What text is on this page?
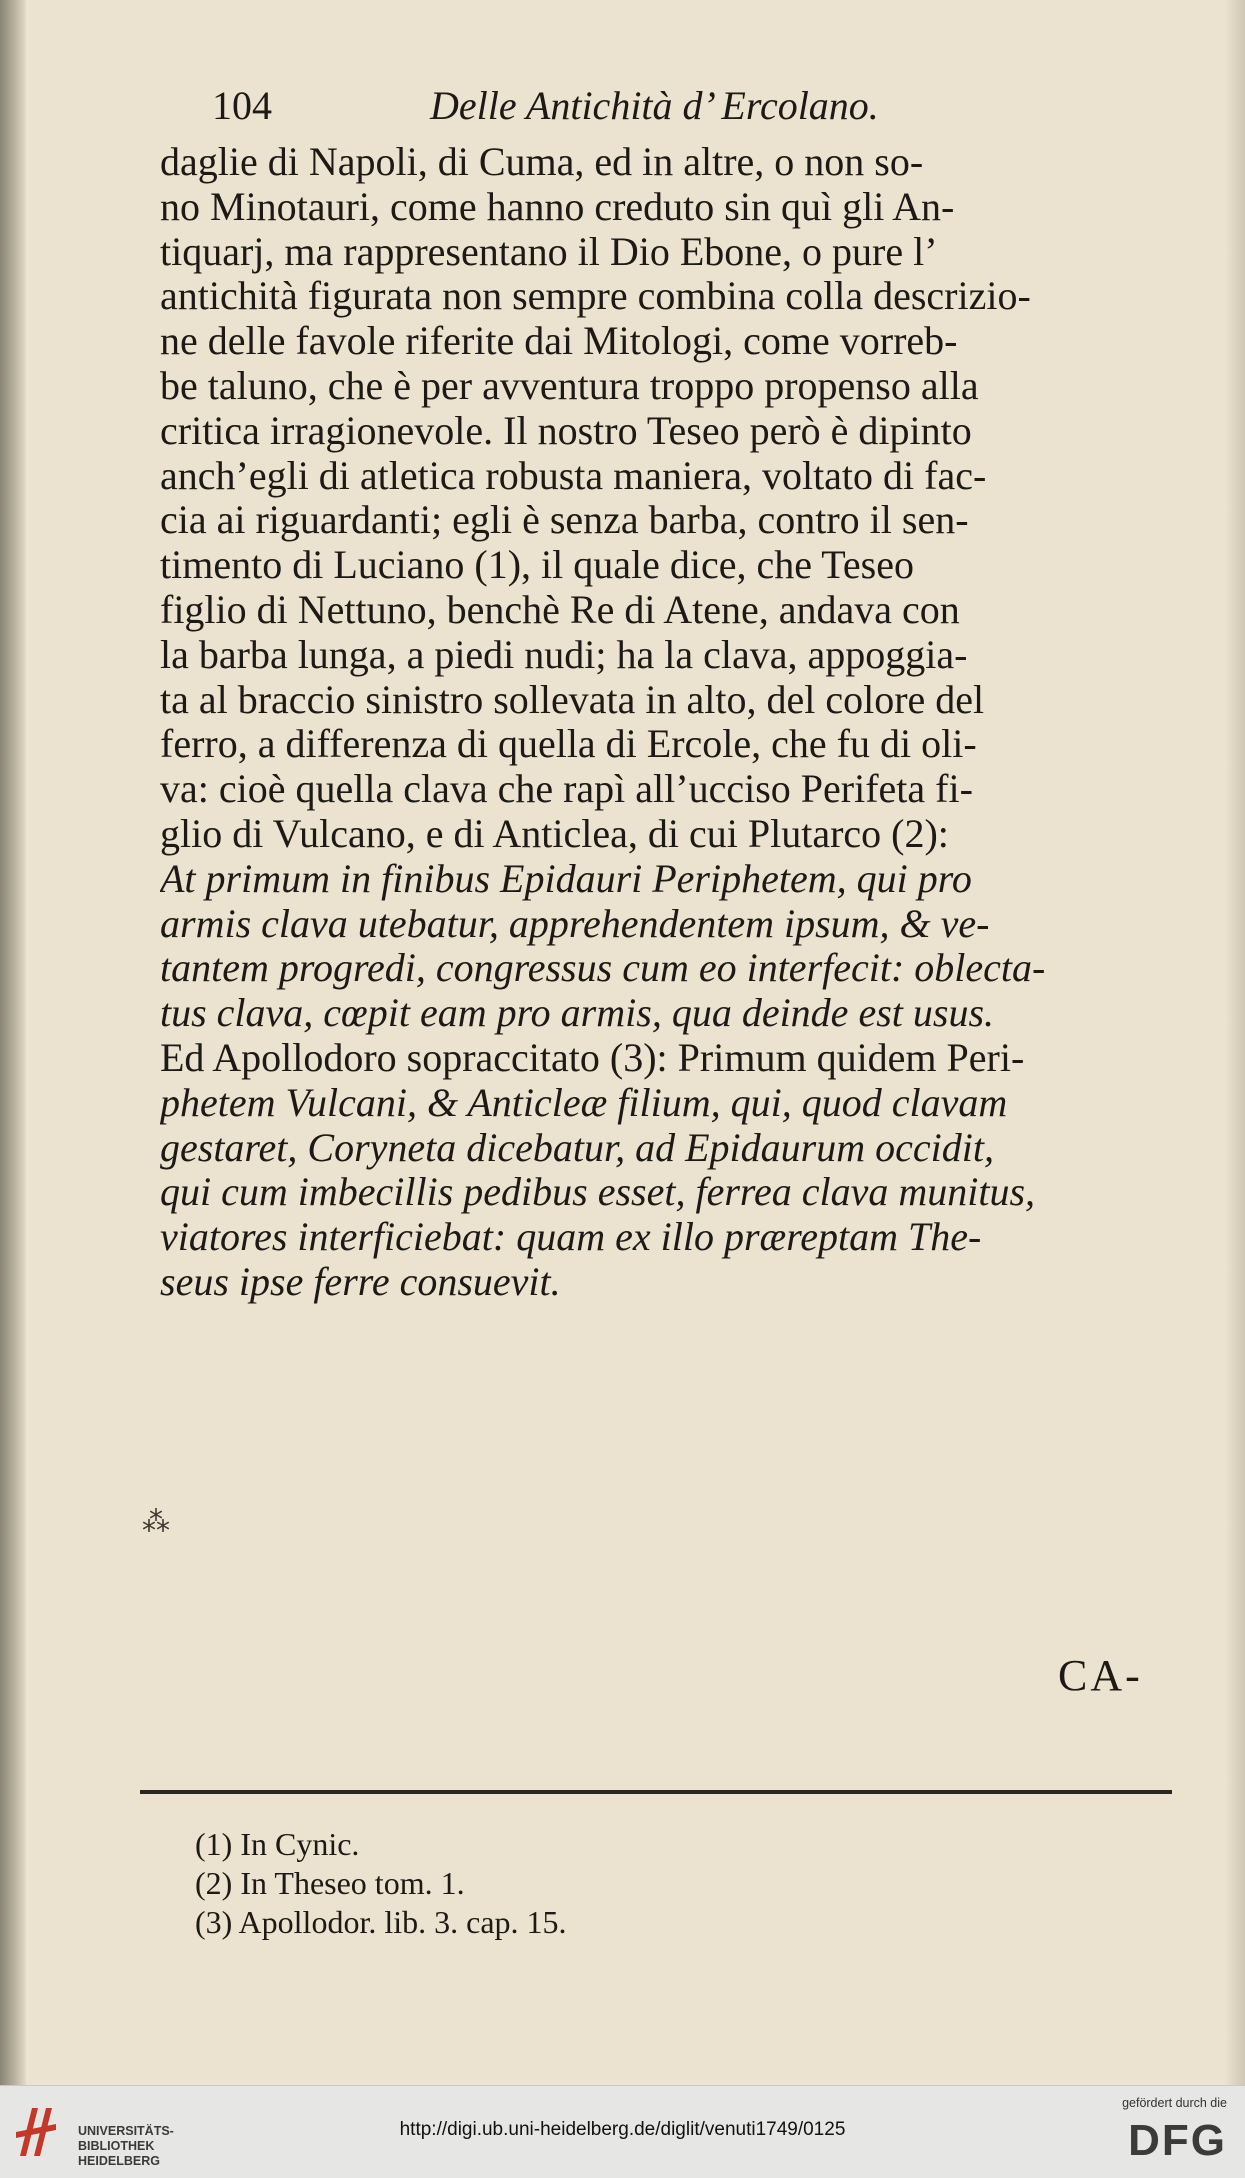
104	Delle Antichità d’ Ercolano.
daglie di Napoli, di Cuma, ed in altre, o non so-
no Minotauri, come hanno creduto sin quì gli An-
tiquarj, ma rappresentano il Dio Ebone, o pure l’
antichità figurata non sempre combina colla descrizio-
ne delle favole riferite dai Mitologi, come vorreb-
be taluno, che è per avventura troppo propenso alla
critica irragionevole. Il nostro Teseo però è dipinto
anch’egli di atletica robusta maniera, voltato di fac-
cia ai riguardanti; egli è senza barba, contro il sen-
timento di Luciano (1), il quale dice, che Teseo
figlio di Nettuno, benchè Re di Atene, andava con
la barba lunga, a piedi nudi; ha la clava, appoggia-
ta al braccio sinistro sollevata in alto, del colore del
ferro, a differenza di quella di Ercole, che fu di oli-
va: cioè quella clava che rapì all’ucciso Perifeta fi-
glio di Vulcano, e di Anticlea, di cui Plutarco (2):
At primum in finibus Epidauri Periphetem, qui pro
armis clava utebatur, apprehendentem ipsum, & ve-
tantem progredi, congressus cum eo interfecit: oblecta-
tus clava, cœpit eam pro armis, qua deinde est usus.
Ed Apollodoro sopraccitato (3): Primum quidem Peri-
phetem Vulcani, & Anticleæ filium, qui, quod clavam
gestaret, Coryneta dicebatur, ad Epidaurum occidit,
qui cum imbecillis pedibus esset, ferrea clava munitus,
viatores interficiebat: quam ex illo præreptam The-
seus ipse ferre consuevit.
⁂
CA-
(1) In Cynic.
(2) In Theseo tom. 1.
(3) Apollodor. lib. 3. cap. 15.
UNIVERSITÄTS-
BIBLIOTHEK
HEIDELBERG
http://digi.ub.uni-heidelberg.de/diglit/venuti1749/0125
gefördert durch die
DFG
